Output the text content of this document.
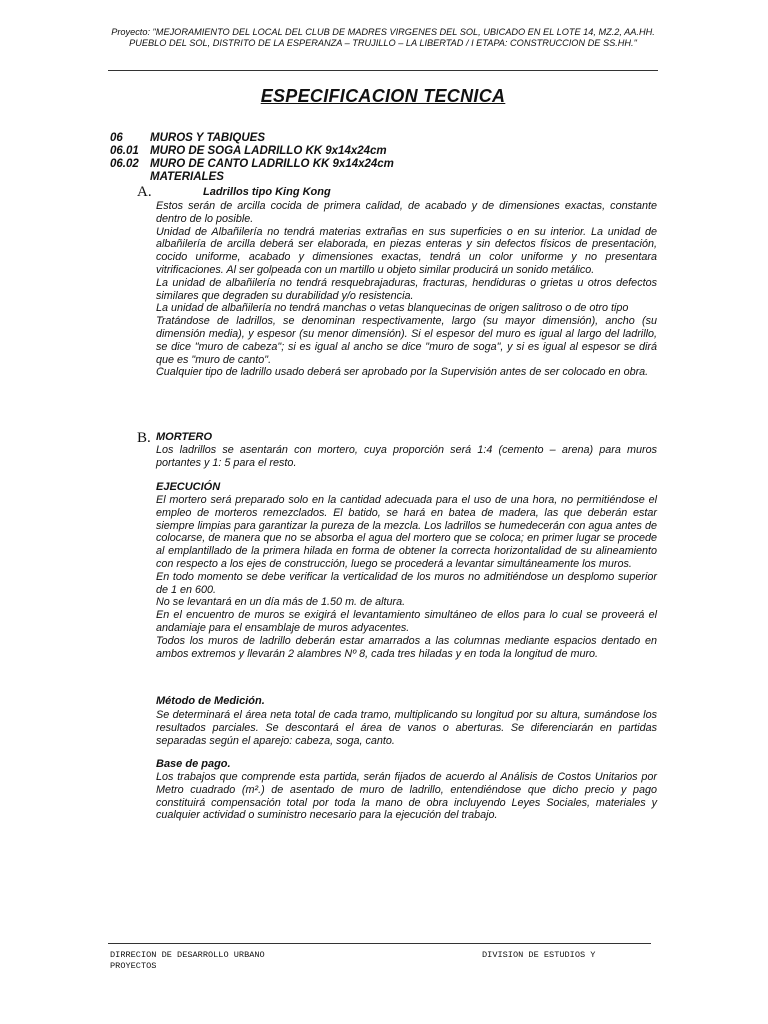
Proyecto: "MEJORAMIENTO DEL LOCAL DEL CLUB DE MADRES VIRGENES DEL SOL, UBICADO EN EL LOTE 14, MZ.2, AA.HH. PUEBLO DEL SOL, DISTRITO DE LA ESPERANZA – TRUJILLO – LA LIBERTAD / I ETAPA: CONSTRUCCION DE SS.HH."
ESPECIFICACION TECNICA
06 MUROS Y TABIQUES
06.01 MURO DE SOGA LADRILLO KK 9x14x24cm
06.02 MURO DE CANTO LADRILLO KK 9x14x24cm
MATERIALES
A.	Ladrillos tipo King Kong

Estos serán de arcilla cocida de primera calidad, de acabado y de dimensiones exactas, constante dentro de lo posible.

Unidad de Albañilería no tendrá materias extrañas en sus superficies o en su interior. La unidad de albañilería de arcilla deberá ser elaborada, en piezas enteras y sin defectos físicos de presentación, cocido uniforme, acabado y dimensiones exactas, tendrá un color uniforme y no presentara vitrificaciones. Al ser golpeada con un martillo u objeto similar producirá un sonido metálico.

La unidad de albañilería no tendrá resquebrajaduras, fracturas, hendiduras o grietas u otros defectos similares que degraden su durabilidad y/o resistencia.

La unidad de albañilería no tendrá manchas o vetas blanquecinas de origen salitroso o de otro tipo

Tratándose de ladrillos, se denominan respectivamente, largo (su mayor dimensión), ancho (su dimensión media), y espesor (su menor dimensión). Si el espesor del muro es igual al largo del ladrillo, se dice "muro de cabeza"; si es igual al ancho se dice "muro de soga", y si es igual al espesor se dirá que es "muro de canto".

Cualquier tipo de ladrillo usado deberá ser aprobado por la Supervisión antes de ser colocado en obra.

B. MORTERO

Los ladrillos se asentarán con mortero, cuya proporción será 1:4 (cemento – arena) para muros portantes y 1: 5 para el resto.

EJECUCIÓN

El mortero será preparado solo en la cantidad adecuada para el uso de una hora, no permitiéndose el empleo de morteros remezclados. El batido, se hará en batea de madera, las que deberán estar siempre limpias para garantizar la pureza de la mezcla. Los ladrillos se humedecerán con agua antes de colocarse, de manera que no se absorba el agua del mortero que se coloca; en primer lugar se procede al emplantillado de la primera hilada en forma de obtener la correcta horizontalidad de su alineamiento con respecto a los ejes de construcción, luego se procederá a levantar simultáneamente los muros.

En todo momento se debe verificar la verticalidad de los muros no admitiéndose un desplomo superior de 1 en 600.

No se levantará en un día más de 1.50 m. de altura.

En el encuentro de muros se exigirá el levantamiento simultáneo de ellos para lo cual se proveerá el andamiaje para el ensamblaje de muros adyacentes.

Todos los muros de ladrillo deberán estar amarrados a las columnas mediante espacios dentado en ambos extremos y llevarán 2 alambres Nº 8, cada tres hiladas y en toda la longitud de muro.

Método de Medición.

Se determinará el área neta total de cada tramo, multiplicando su longitud por su altura, sumándose los resultados parciales. Se descontará el área de vanos o aberturas. Se diferenciarán en partidas separadas según el aparejo: cabeza, soga, canto.

Base de pago.

Los trabajos que comprende esta partida, serán fijados de acuerdo al Análisis de Costos Unitarios por Metro cuadrado (m².) de asentado de muro de ladrillo, entendiéndose que dicho precio y pago constituirá compensación total por toda la mano de obra incluyendo Leyes Sociales, materiales y cualquier actividad o suministro necesario para la ejecución del trabajo.

DIRRECION DE DESARROLLO URBANO
PROYECTOS
DIVISION DE ESTUDIOS Y
